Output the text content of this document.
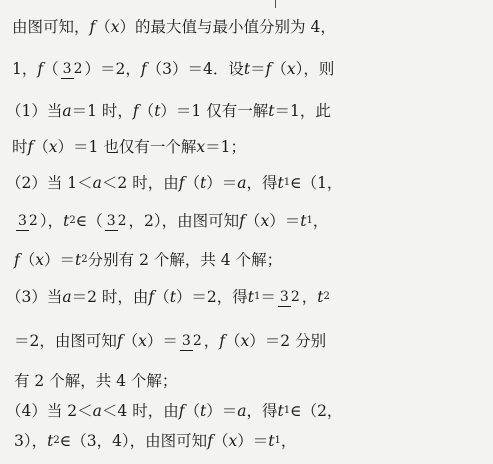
由图可知，f（x）的最大值与最小值分别为 4，
1，f（ 3 2 ）＝2，f（3）＝4．设t＝f（x），则
（1）当a＝1 时，f（t）＝1 仅有一解t＝1，此
时f（x）＝1 也仅有一个解x＝1；
（2）当 1＜a＜2 时，由f（t）＝a，得t1∈（1，
3 2 ），t2∈（ 3 2 ，2），由图可知f（x）＝t1，
f（x）＝t2分别有 2 个解，共 4 个解；
（3）当a＝2 时，由f（t）＝2，得t1＝ 3 2 ，t2
＝2，由图可知f（x）＝ 3 2 ，f（x）＝2 分别
有 2 个解，共 4 个解；
（4）当 2＜a＜4 时，由f（t）＝a，得t1∈（2，
3），t2∈（3，4），由图可知f（x）＝t1，
